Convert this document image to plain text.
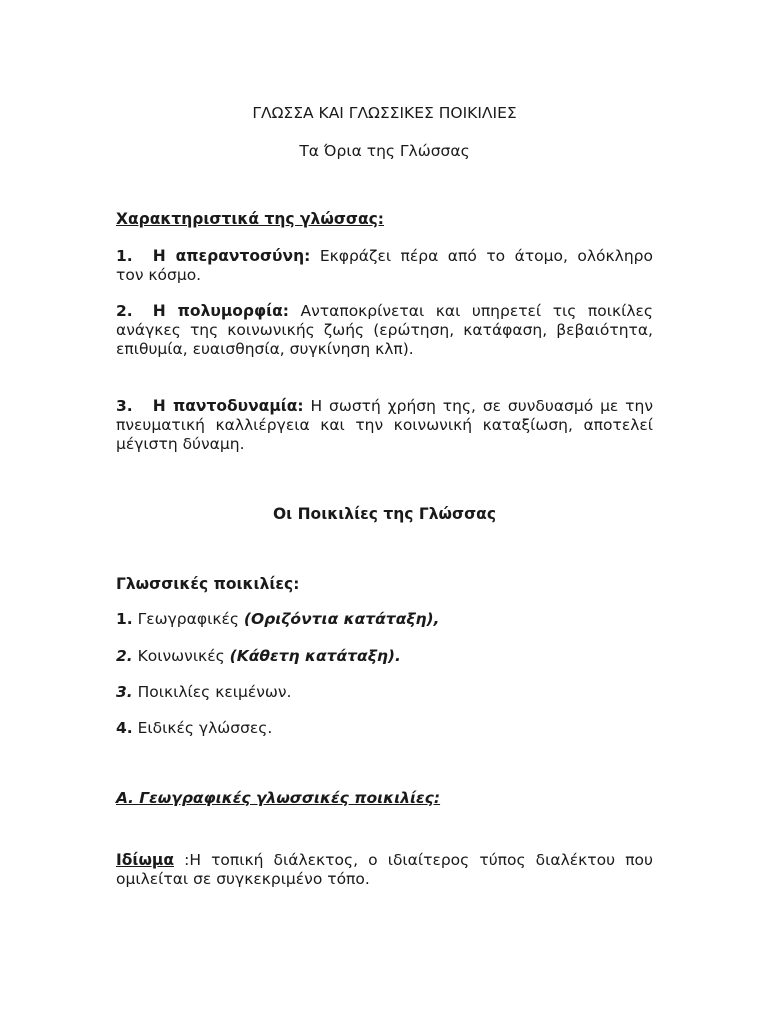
ΓΛΩΣΣΑ ΚΑΙ ΓΛΩΣΣΙΚΕΣ ΠΟΙΚΙΛΙΕΣ
Τα Όρια της Γλώσσας
Χαρακτηριστικά της γλώσσας:
1. Η απεραντοσύνη: Εκφράζει πέρα από το άτομο, ολόκληρο τον κόσμο.
2. Η πολυμορφία: Ανταποκρίνεται και υπηρετεί τις ποικίλες ανάγκες της κοινωνικής ζωής (ερώτηση, κατάφαση, βεβαιότητα, επιθυμία, ευαισθησία, συγκίνηση κλπ).
3. Η παντοδυναμία: Η σωστή χρήση της, σε συνδυασμό με την πνευματική καλλιέργεια και την κοινωνική καταξίωση, αποτελεί μέγιστη δύναμη.
Οι Ποικιλίες της Γλώσσας
Γλωσσικές ποικιλίες:
1. Γεωγραφικές (Οριζόντια κατάταξη),
2. Κοινωνικές (Κάθετη κατάταξη).
3. Ποικιλίες κειμένων.
4. Ειδικές γλώσσες.
Α. Γεωγραφικές γλωσσικές ποικιλίες:
Ιδίωμα :Η τοπική διάλεκτος, ο ιδιαίτερος τύπος διαλέκτου που ομιλείται σε συγκεκριμένο τόπο.
